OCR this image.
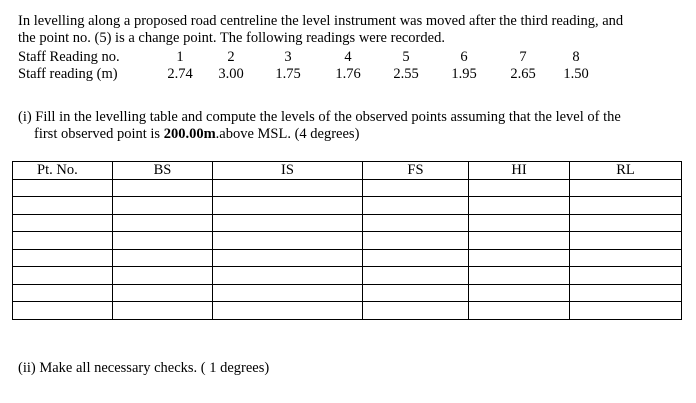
In levelling along a proposed road centreline the level instrument was moved after the third reading, and
the point no. (5) is a change point. The following readings were recorded.
Staff Reading no.	1	2	3	4	5	6	7	8
Staff reading (m)	2.74	3.00	1.75	1.76	2.55	1.95	2.65	1.50
(i) Fill in the levelling table and compute the levels of the observed points assuming that the level of the
first observed point is 200.00m.above MSL. (4 degrees)
Pt. No.	BS	IS	FS	HI	RL

(ii) Make all necessary checks. ( 1 degrees)
